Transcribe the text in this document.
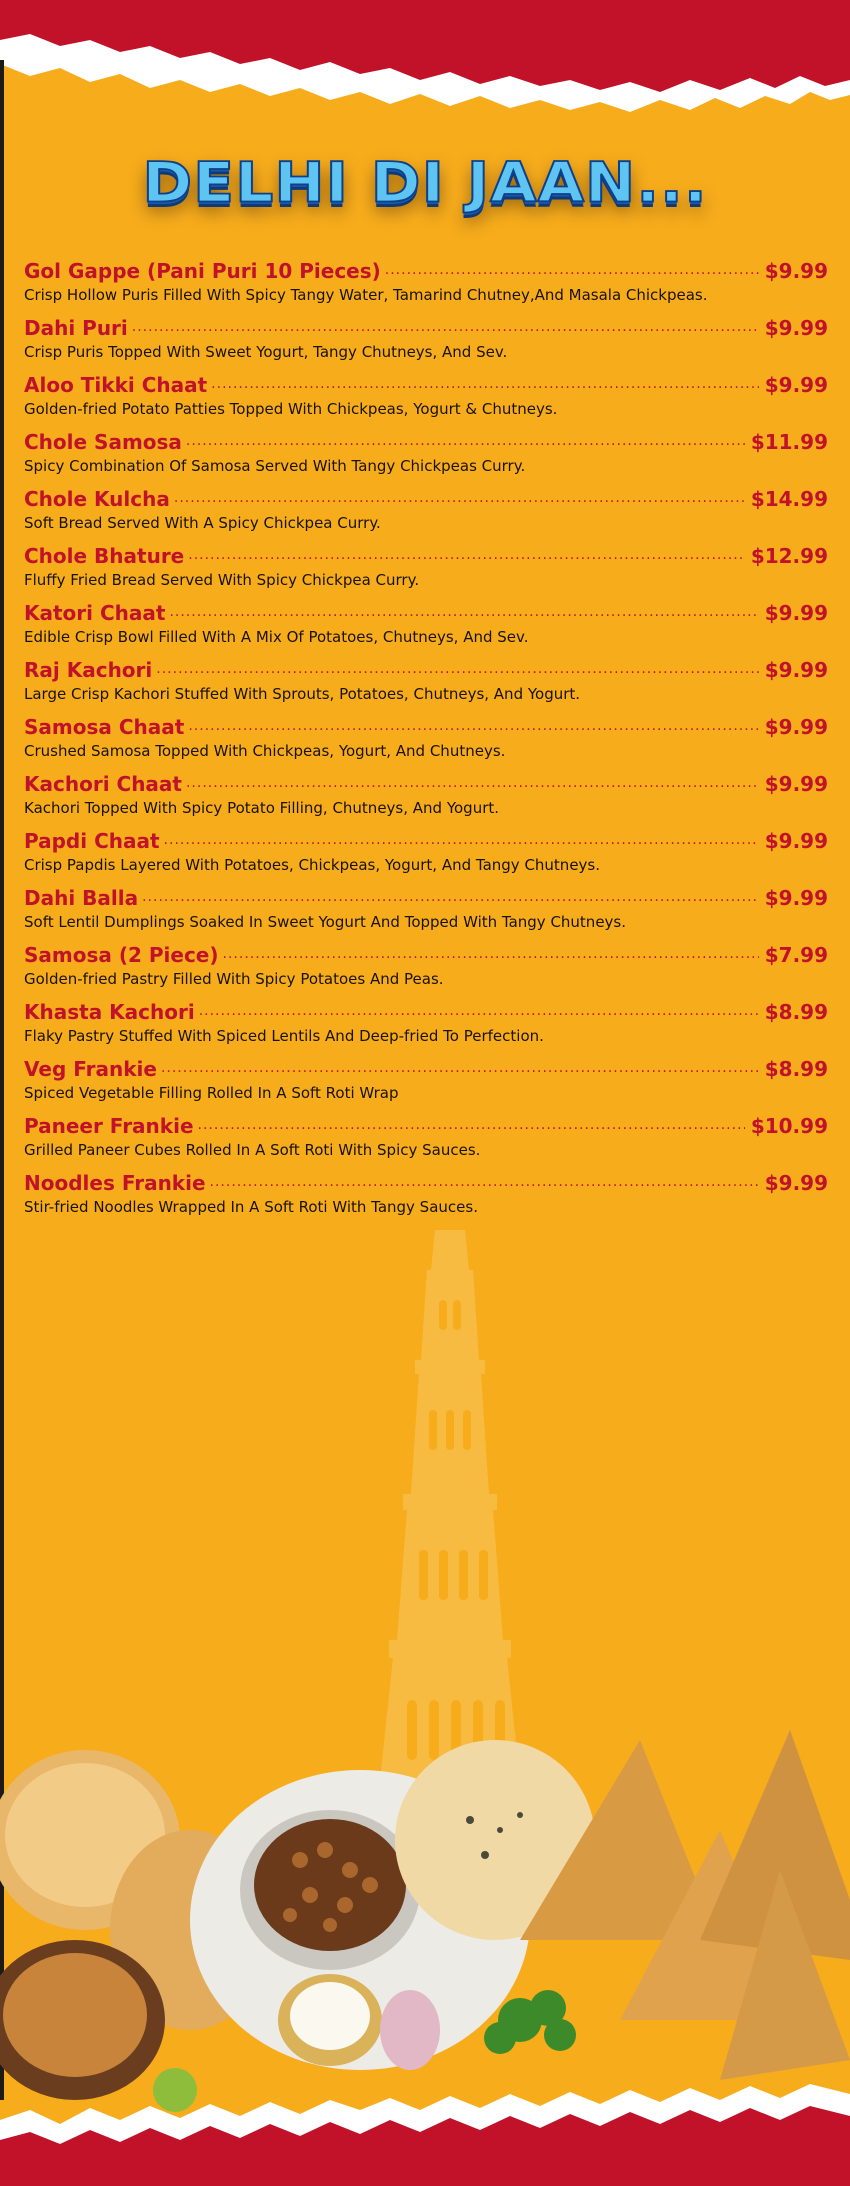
DELHI DI JAAN...
Gol Gappe (Pani Puri 10 Pieces) .....	$9.99
Crisp Hollow Puris Filled With Spicy Tangy Water, Tamarind Chutney,And Masala Chickpeas.
Dahi Puri .....	$9.99
Crisp Puris Topped With Sweet Yogurt, Tangy Chutneys, And Sev.
Aloo Tikki Chaat .....	$9.99
Golden-fried Potato Patties Topped With Chickpeas, Yogurt & Chutneys.
Chole Samosa .....	$11.99
Spicy Combination Of Samosa Served With Tangy Chickpeas Curry.
Chole Kulcha .....	$14.99
Soft Bread Served With A Spicy Chickpea Curry.
Chole Bhature .....	$12.99
Fluffy Fried Bread Served With Spicy Chickpea Curry.
Katori Chaat .....	$9.99
Edible Crisp Bowl Filled With A Mix Of Potatoes, Chutneys, And Sev.
Raj Kachori .....	$9.99
Large Crisp Kachori Stuffed With Sprouts, Potatoes, Chutneys, And Yogurt.
Samosa Chaat .....	$9.99
Crushed Samosa Topped With Chickpeas, Yogurt, And Chutneys.
Kachori Chaat .....	$9.99
Kachori Topped With Spicy Potato Filling, Chutneys, And Yogurt.
Papdi Chaat .....	$9.99
Crisp Papdis Layered With Potatoes, Chickpeas, Yogurt, And Tangy Chutneys.
Dahi Balla .....	$9.99
Soft Lentil Dumplings Soaked In Sweet Yogurt And Topped With Tangy Chutneys.
Samosa (2 Piece) .....	$7.99
Golden-fried Pastry Filled With Spicy Potatoes And Peas.
Khasta Kachori .....	$8.99
Flaky Pastry Stuffed With Spiced Lentils And Deep-fried To Perfection.
Veg Frankie .....	$8.99
Spiced Vegetable Filling Rolled In A Soft Roti Wrap
Paneer Frankie .....	$10.99
Grilled Paneer Cubes Rolled In A Soft Roti With Spicy Sauces.
Noodles Frankie .....	$9.99
Stir-fried Noodles Wrapped In A Soft Roti With Tangy Sauces.
